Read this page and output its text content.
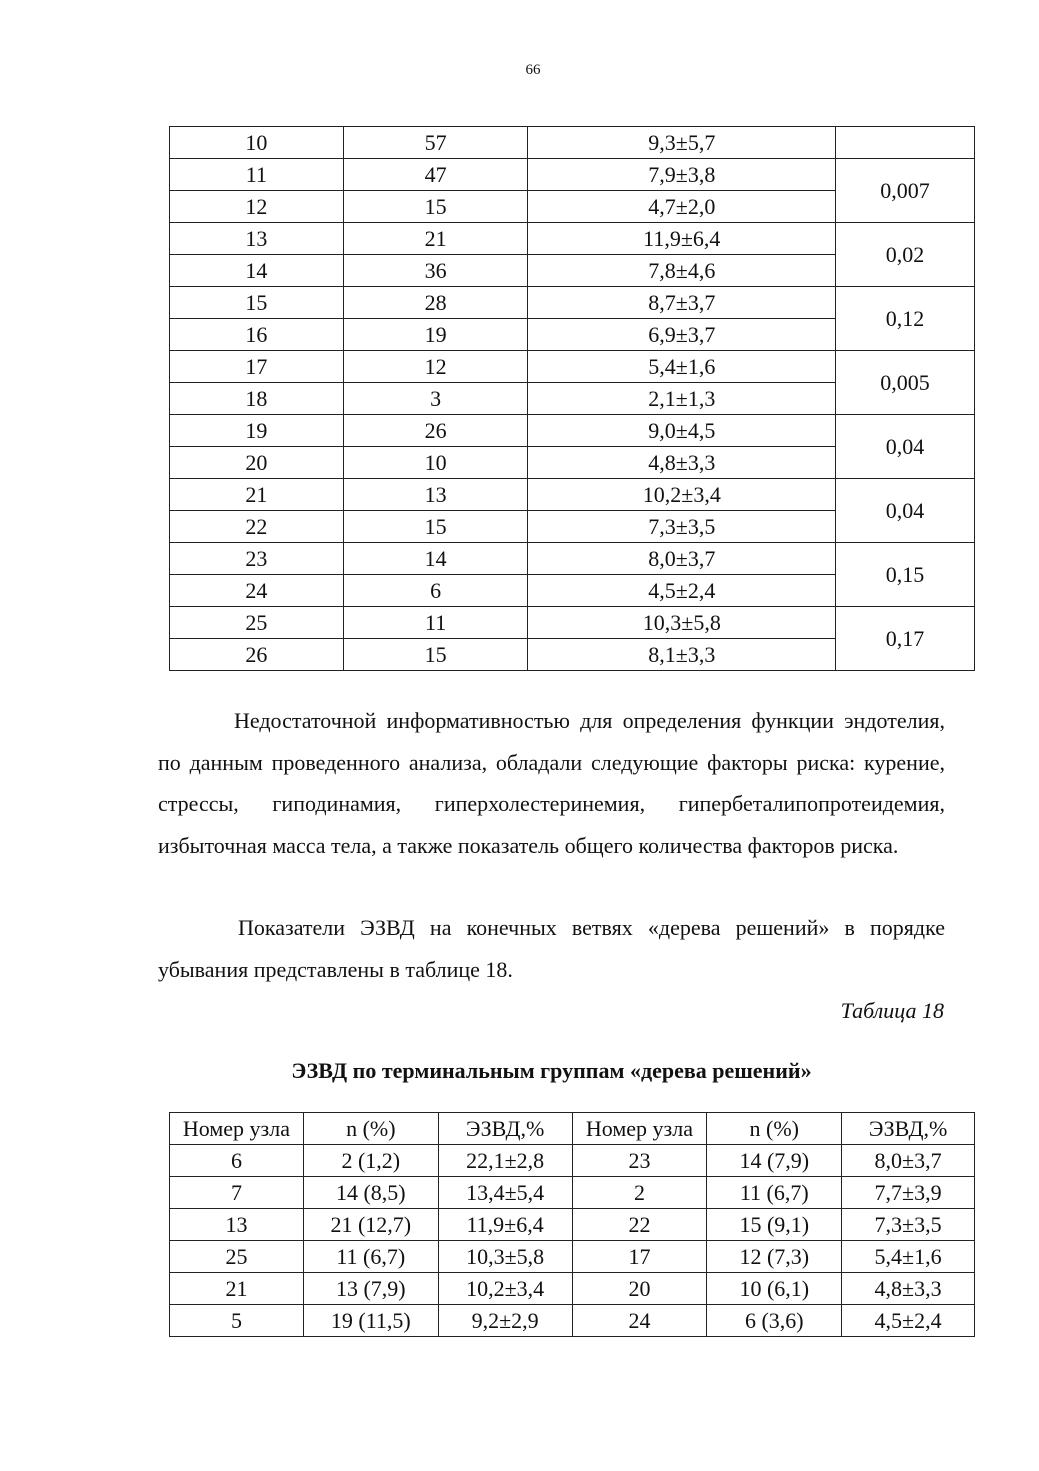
66
10	57	9,3±5,7	
11	47	7,9±3,8	0,007
12	15	4,7±2,0	
13	21	11,9±6,4	0,02
14	36	7,8±4,6	
15	28	8,7±3,7	0,12
16	19	6,9±3,7	
17	12	5,4±1,6	0,005
18	3	2,1±1,3	
19	26	9,0±4,5	0,04
20	10	4,8±3,3	
21	13	10,2±3,4	0,04
22	15	7,3±3,5	
23	14	8,0±3,7	0,15
24	6	4,5±2,4	
25	11	10,3±5,8	0,17
26	15	8,1±3,3	

Недостаточной информативностью для определения функции эндотелия, по данным проведенного анализа, обладали следующие факторы риска: курение, стрессы, гиподинамия, гиперхолестеринемия, гипербеталипопротеидемия, избыточная масса тела, а также показатель общего количества факторов риска.

Показатели ЭЗВД на конечных ветвях «дерева решений» в порядке убывания представлены в таблице 18.

Таблица 18
ЭЗВД по терминальным группам «дерева решений»
Номер узла	n (%)	ЭЗВД,%	Номер узла	n (%)	ЭЗВД,%
6	2 (1,2)	22,1±2,8	23	14 (7,9)	8,0±3,7
7	14 (8,5)	13,4±5,4	2	11 (6,7)	7,7±3,9
13	21 (12,7)	11,9±6,4	22	15 (9,1)	7,3±3,5
25	11 (6,7)	10,3±5,8	17	12 (7,3)	5,4±1,6
21	13 (7,9)	10,2±3,4	20	10 (6,1)	4,8±3,3
5	19 (11,5)	9,2±2,9	24	6 (3,6)	4,5±2,4
